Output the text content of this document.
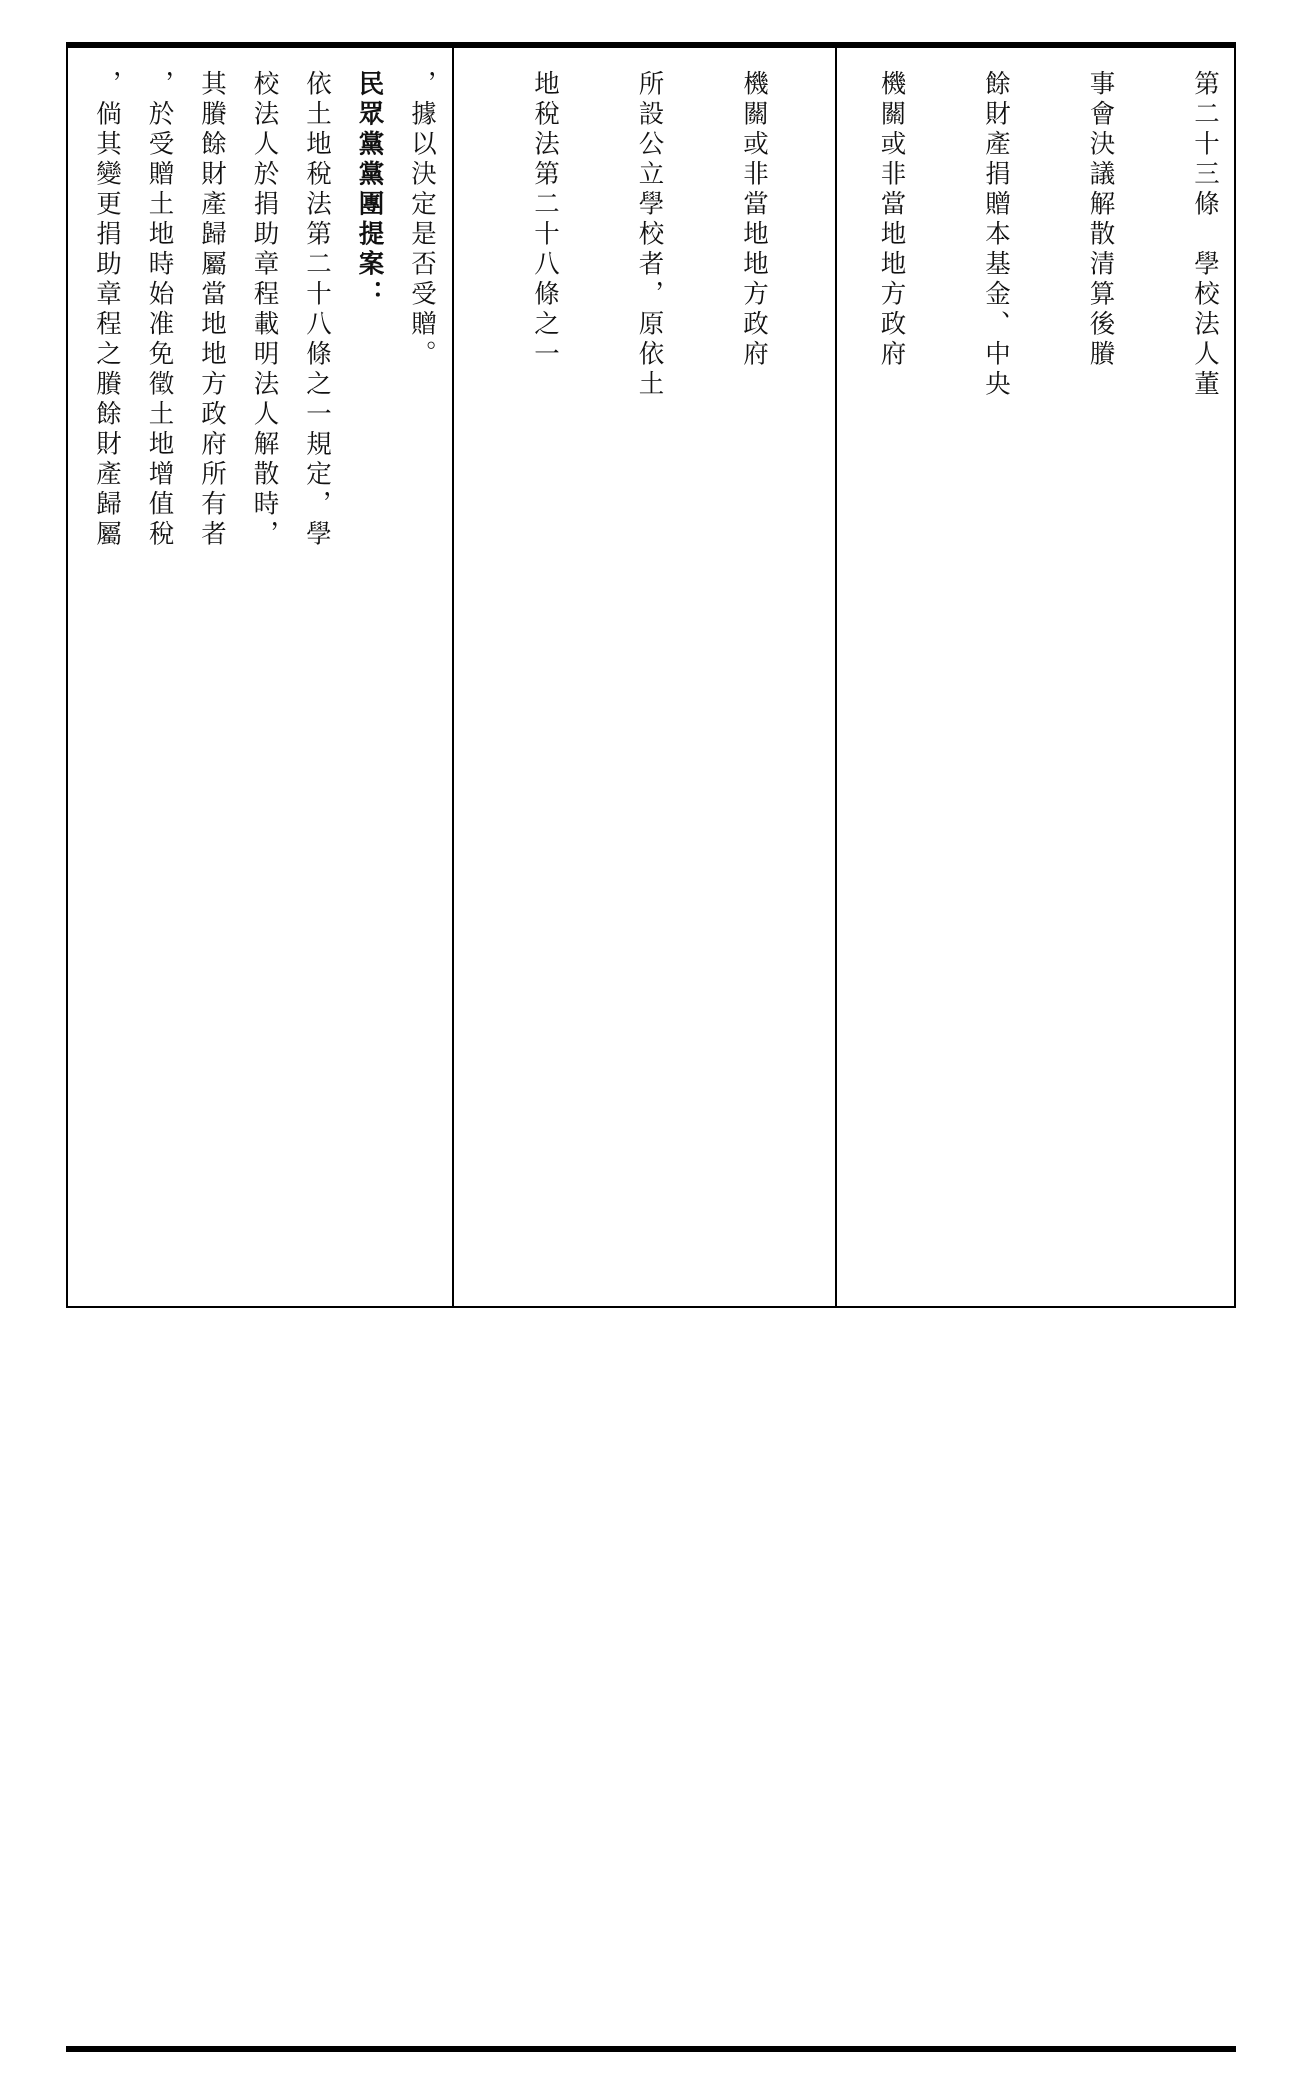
，據以決定是否受贈。

民眾黨黨團提案：

依土地稅法第二十八條之一規定，學

校法人於捐助章程載明法人解散時，

其賸餘財產歸屬當地地方政府所有者

，於受贈土地時始准免徵土地增值稅

，倘其變更捐助章程之賸餘財產歸屬	機關或非當地地方政府

所設公立學校者，原依土

地稅法第二十八條之一	第二十三條　學校法人董

事會決議解散清算後賸

餘財產捐贈本基金、中央

機關或非當地地方政府
